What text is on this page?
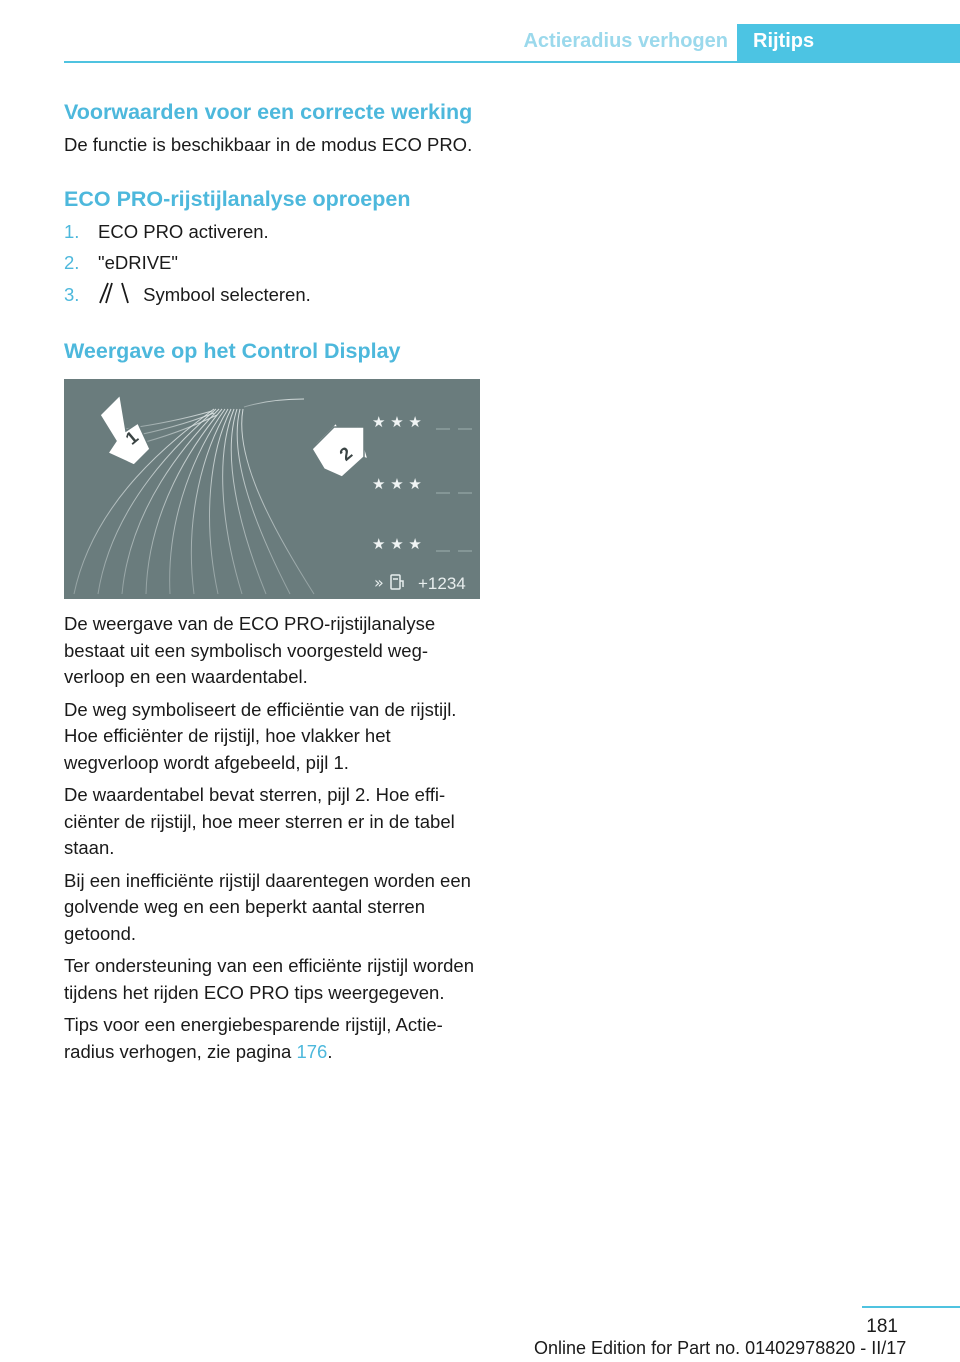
Actieradius verhogen Rijtips
Voorwaarden voor een correcte werking

De functie is beschikbaar in de modus ECO PRO.

ECO PRO-rijstijlanalyse oproepen
1. ECO PRO activeren.
2. "eDRIVE"
3.	Symbool selecteren.
Weergave op het Control Display
1
2
★ ★ ★
★ ★ ★
★ ★ ★
» +1234

De weergave van de ECO PRO-rijstijlanalyse bestaat uit een symbolisch voorgesteld wegverloop en een waardentabel.

De weg symboliseert de efficiëntie van de rijstijl. Hoe efficiënter de rijstijl, hoe vlakker het wegverloop wordt afgebeeld, pijl 1.

De waardentabel bevat sterren, pijl 2. Hoe efficiënter de rijstijl, hoe meer sterren er in de tabel staan.

Bij een inefficiënte rijstijl daarentegen worden een golvende weg en een beperkt aantal sterren getoond.

Ter ondersteuning van een efficiënte rijstijl worden tijdens het rijden ECO PRO tips weergegeven.

Tips voor een energiebesparende rijstijl, Actieradius verhogen, zie pagina 176.

181
Online Edition for Part no. 01402978820 - II/17
